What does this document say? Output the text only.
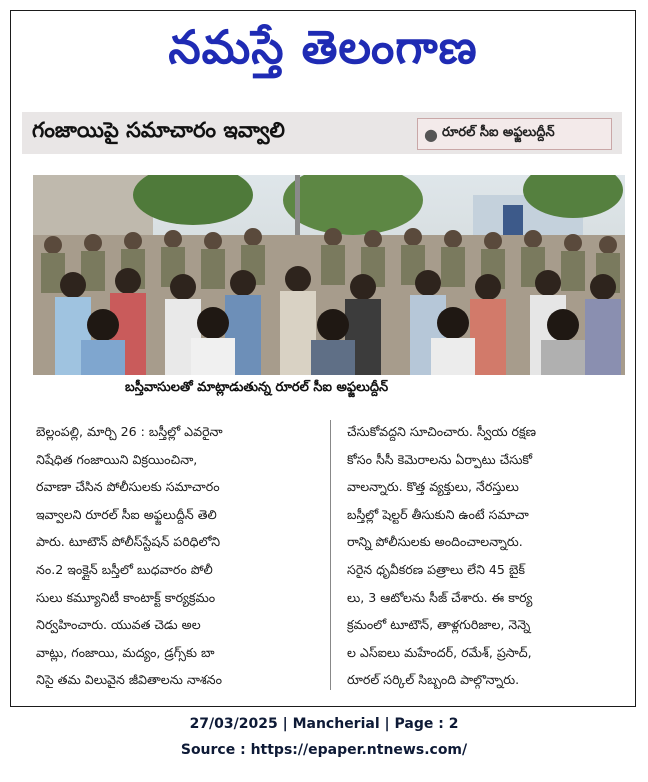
నమస్తే తెలంగాణ
గంజాయిపై సమాచారం ఇవ్వాలి	● రూరల్ సీఐ అఫ్జలుద్దీన్
బస్తీవాసులతో మాట్లాడుతున్న రూరల్ సీఐ అఫ్జలుద్దీన్
బెల్లంపల్లి, మార్చి 26 : బస్తీల్లో ఎవరైనా
నిషేధిత గంజాయిని విక్రయించినా,
రవాణా చేసిన పోలీసులకు సమాచారం
ఇవ్వాలని రూరల్ సీఐ అఫ్జలుద్దీన్ తెలి
పారు. టూటౌన్ పోలీస్‌స్టేషన్ పరిధిలోని
నం.2 ఇంక్లైన్ బస్తీలో బుధవారం పోలీ
సులు కమ్యూనిటీ కాంటాక్ట్ కార్యక్రమం
నిర్వహించారు. యువత చెడు అల
వాట్లు, గంజాయి, మద్యం, డ్రగ్స్‌కు బా
నిసై తమ విలువైన జీవితాలను నాశనం
చేసుకోవద్దని సూచించారు. స్వీయ రక్షణ
కోసం సీసీ కెమెరాలను ఏర్పాటు చేసుకో
వాలన్నారు. కొత్త వ్యక్తులు, నేరస్తులు
బస్తీల్లో షెల్టర్ తీసుకుని ఉంటే సమాచా
రాన్ని పోలీసులకు అందించాలన్నారు.
సరైన ధృవీకరణ పత్రాలు లేని 45 బైక్
లు, 3 ఆటోలను సీజ్ చేశారు. ఈ కార్య
క్రమంలో టూటౌన్, తాళ్లగురిజాల, నెన్నె
ల ఎస్‌ఐలు మహేందర్, రమేశ్, ప్రసాద్,
రూరల్ సర్కిల్ సిబ్బంది పాల్గొన్నారు.
27/03/2025 | Mancherial | Page : 2
Source : https://epaper.ntnews.com/
